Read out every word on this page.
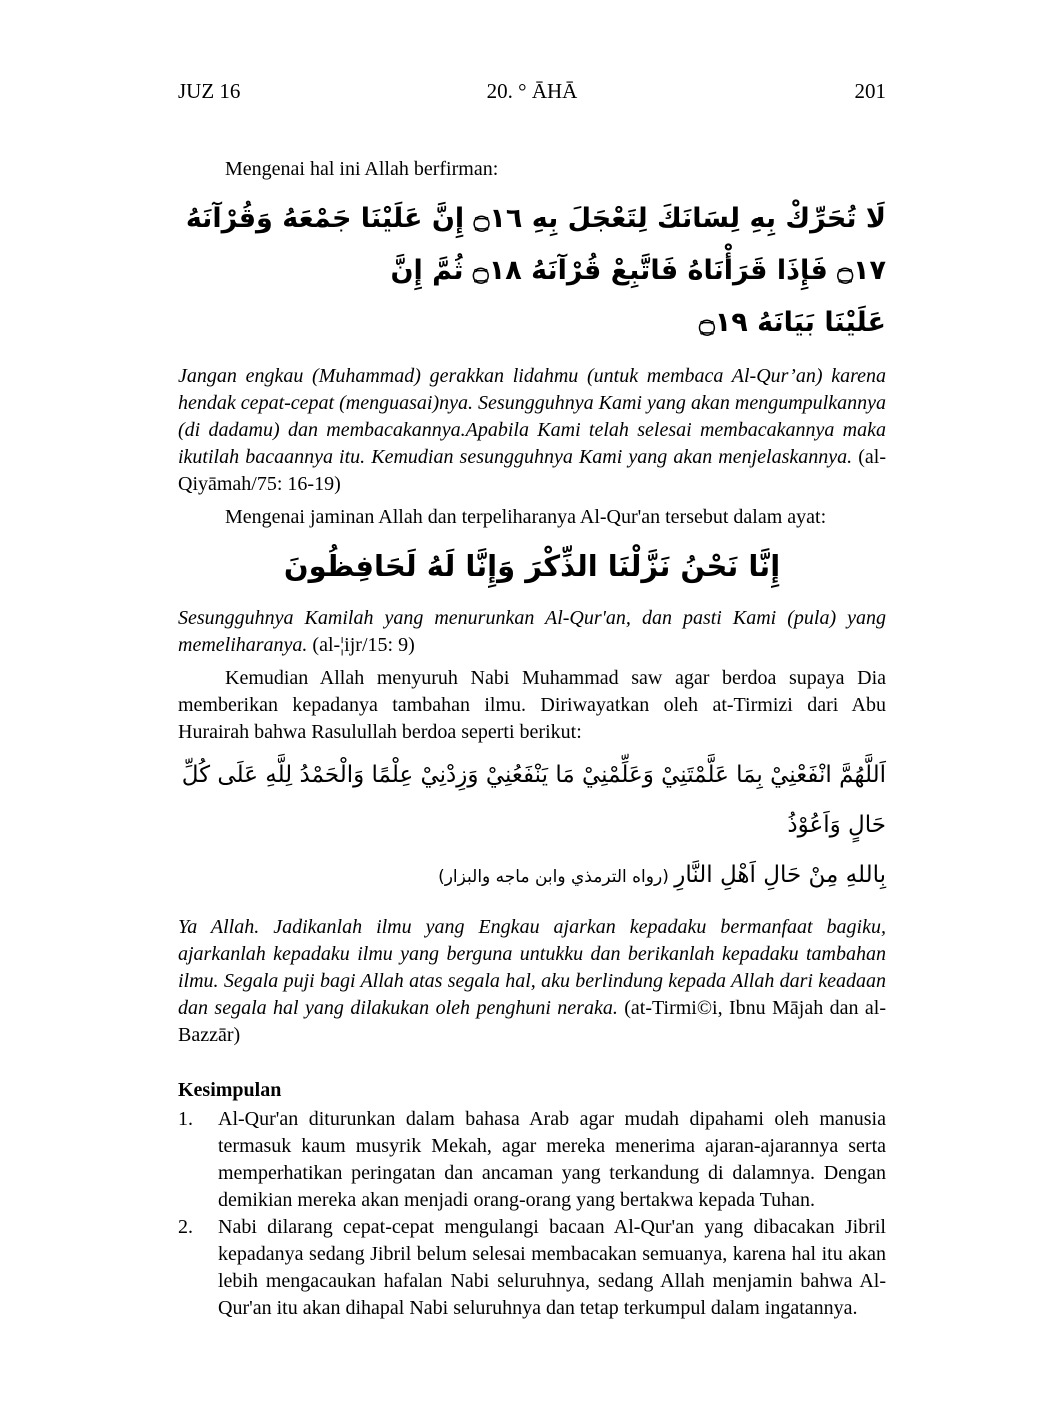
JUZ 16	20. ° ĀHĀ	201

Mengenai hal ini Allah berfirman:

لَا تُحَرِّكْ بِهِ لِسَانَكَ لِتَعْجَلَ بِهِ ۝١٦ إِنَّ عَلَيْنَا جَمْعَهُ وَقُرْآنَهُ ۝١٧ فَإِذَا قَرَأْنَاهُ فَاتَّبِعْ قُرْآنَهُ ۝١٨ ثُمَّ إِنَّ
عَلَيْنَا بَيَانَهُ ۝١٩

Jangan engkau (Muhammad) gerakkan lidahmu (untuk membaca Al-Qur’an) karena hendak cepat-cepat (menguasai)nya. Sesungguhnya Kami yang akan mengumpulkannya (di dadamu) dan membacakannya.Apabila Kami telah selesai membacakannya maka ikutilah bacaannya itu. Kemudian sesungguhnya Kami yang akan menjelaskannya. (al-Qiyāmah/75: 16-19)

Mengenai jaminan Allah dan terpeliharanya Al-Qur'an tersebut dalam ayat:

إِنَّا نَحْنُ نَزَّلْنَا الذِّكْرَ وَإِنَّا لَهُ لَحَافِظُونَ

Sesungguhnya Kamilah yang menurunkan Al-Qur'an, dan pasti Kami (pula) yang memeliharanya. (al-¦ijr/15: 9)

Kemudian Allah menyuruh Nabi Muhammad saw agar berdoa supaya Dia memberikan kepadanya tambahan ilmu. Diriwayatkan oleh at-Tirmizi dari Abu Hurairah bahwa Rasulullah berdoa seperti berikut:

اَللَّهُمَّ انْفَعْنِيْ بِمَا عَلَّمْتَنِيْ وَعَلِّمْنِيْ مَا يَنْفَعُنِيْ وَزِدْنِيْ عِلْمًا وَالْحَمْدُ لِلَّهِ عَلَى كُلِّ حَالٍ وَاَعُوْذُ
بِاللهِ مِنْ حَالِ اَهْلِ النَّارِ (رواه الترمذي وابن ماجه والبزار)

Ya Allah. Jadikanlah ilmu yang Engkau ajarkan kepadaku bermanfaat bagiku, ajarkanlah kepadaku ilmu yang berguna untukku dan berikanlah kepadaku tambahan ilmu. Segala puji bagi Allah atas segala hal, aku berlindung kepada Allah dari keadaan dan segala hal yang dilakukan oleh penghuni neraka. (at-Tirmi©i, Ibnu Mājah dan al-Bazzār)

Kesimpulan

1.	Al-Qur'an diturunkan dalam bahasa Arab agar mudah dipahami oleh manusia termasuk kaum musyrik Mekah, agar mereka menerima ajaran-ajarannya serta memperhatikan peringatan dan ancaman yang terkandung di dalamnya. Dengan demikian mereka akan menjadi orang-orang yang bertakwa kepada Tuhan.
2.	Nabi dilarang cepat-cepat mengulangi bacaan Al-Qur'an yang dibacakan Jibril kepadanya sedang Jibril belum selesai membacakan semuanya, karena hal itu akan lebih mengacaukan hafalan Nabi seluruhnya, sedang Allah menjamin bahwa Al-Qur'an itu akan dihapal Nabi seluruhnya dan tetap terkumpul dalam ingatannya.
